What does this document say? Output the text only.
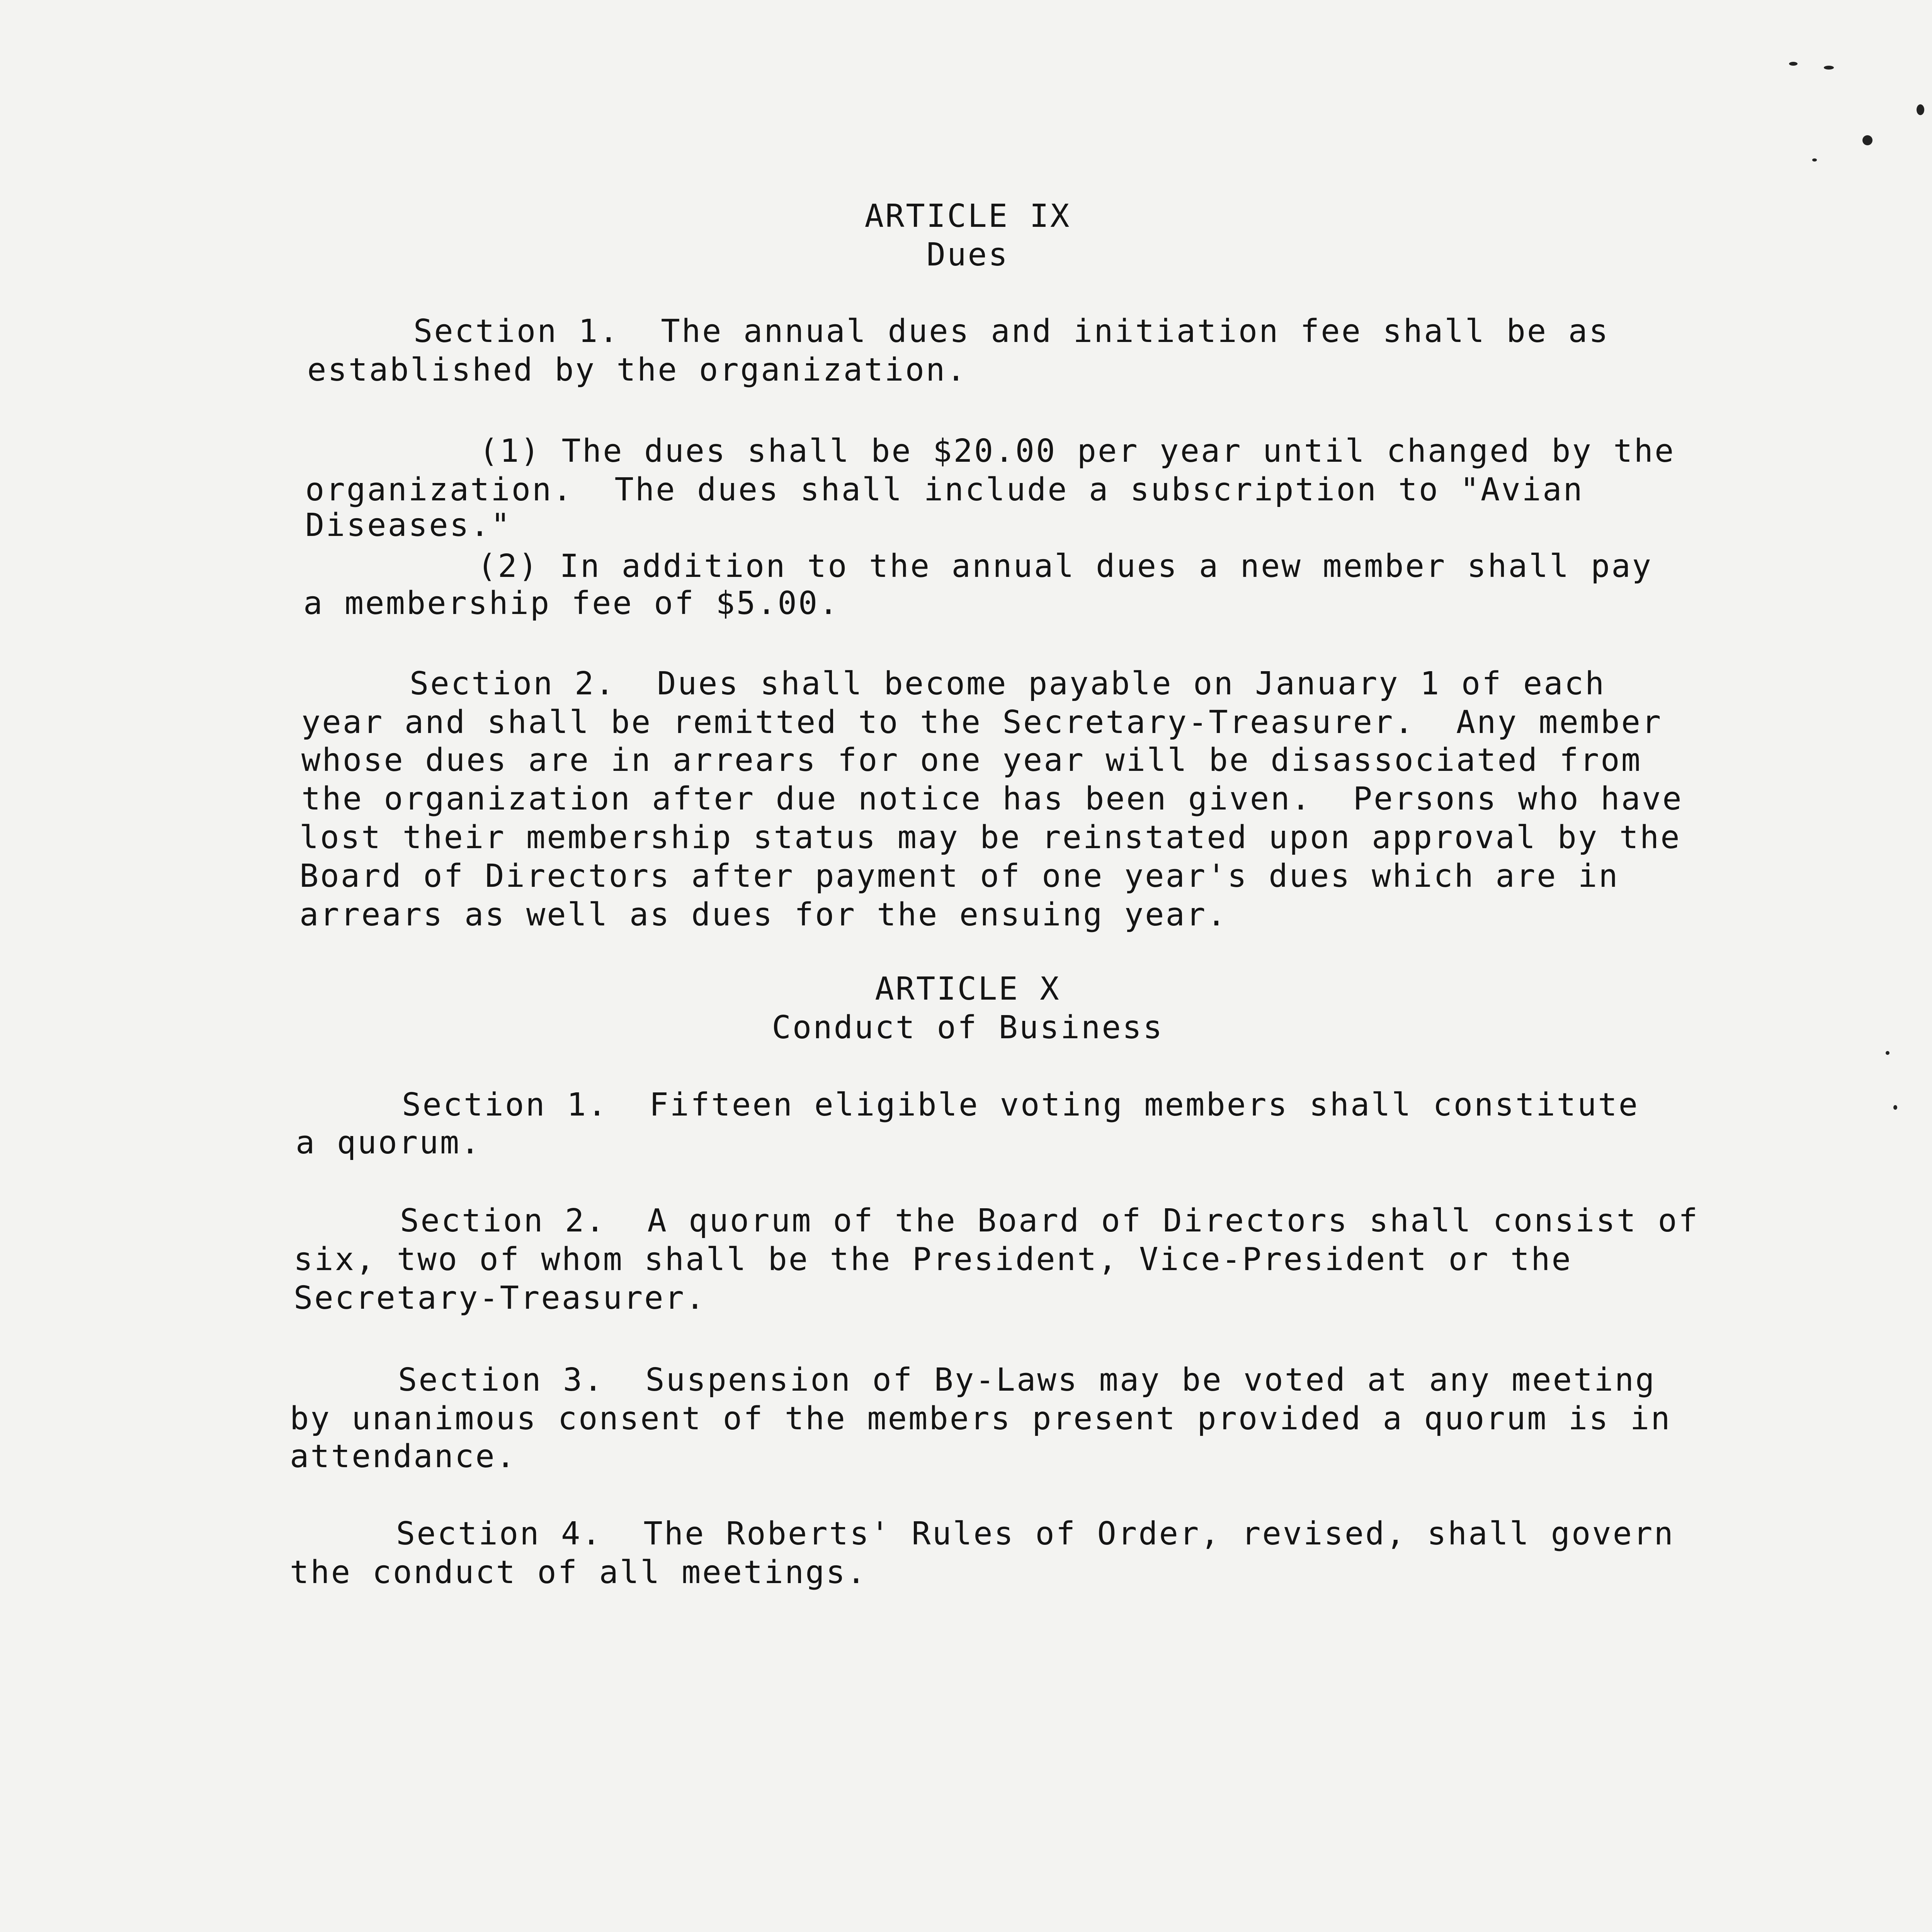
ARTICLE IX
Dues
Section 1.  The annual dues and initiation fee shall be as
established by the organization.
(1) The dues shall be $20.00 per year until changed by the
organization.  The dues shall include a subscription to "Avian
Diseases."
(2) In addition to the annual dues a new member shall pay
a membership fee of $5.00.
Section 2.  Dues shall become payable on January 1 of each
year and shall be remitted to the Secretary-Treasurer.  Any member
whose dues are in arrears for one year will be disassociated from
the organization after due notice has been given.  Persons who have
lost their membership status may be reinstated upon approval by the
Board of Directors after payment of one year's dues which are in
arrears as well as dues for the ensuing year.
ARTICLE X
Conduct of Business
Section 1.  Fifteen eligible voting members shall constitute
a quorum.
Section 2.  A quorum of the Board of Directors shall consist of
six, two of whom shall be the President, Vice-President or the
Secretary-Treasurer.
Section 3.  Suspension of By-Laws may be voted at any meeting
by unanimous consent of the members present provided a quorum is in
attendance.
Section 4.  The Roberts' Rules of Order, revised, shall govern
the conduct of all meetings.
